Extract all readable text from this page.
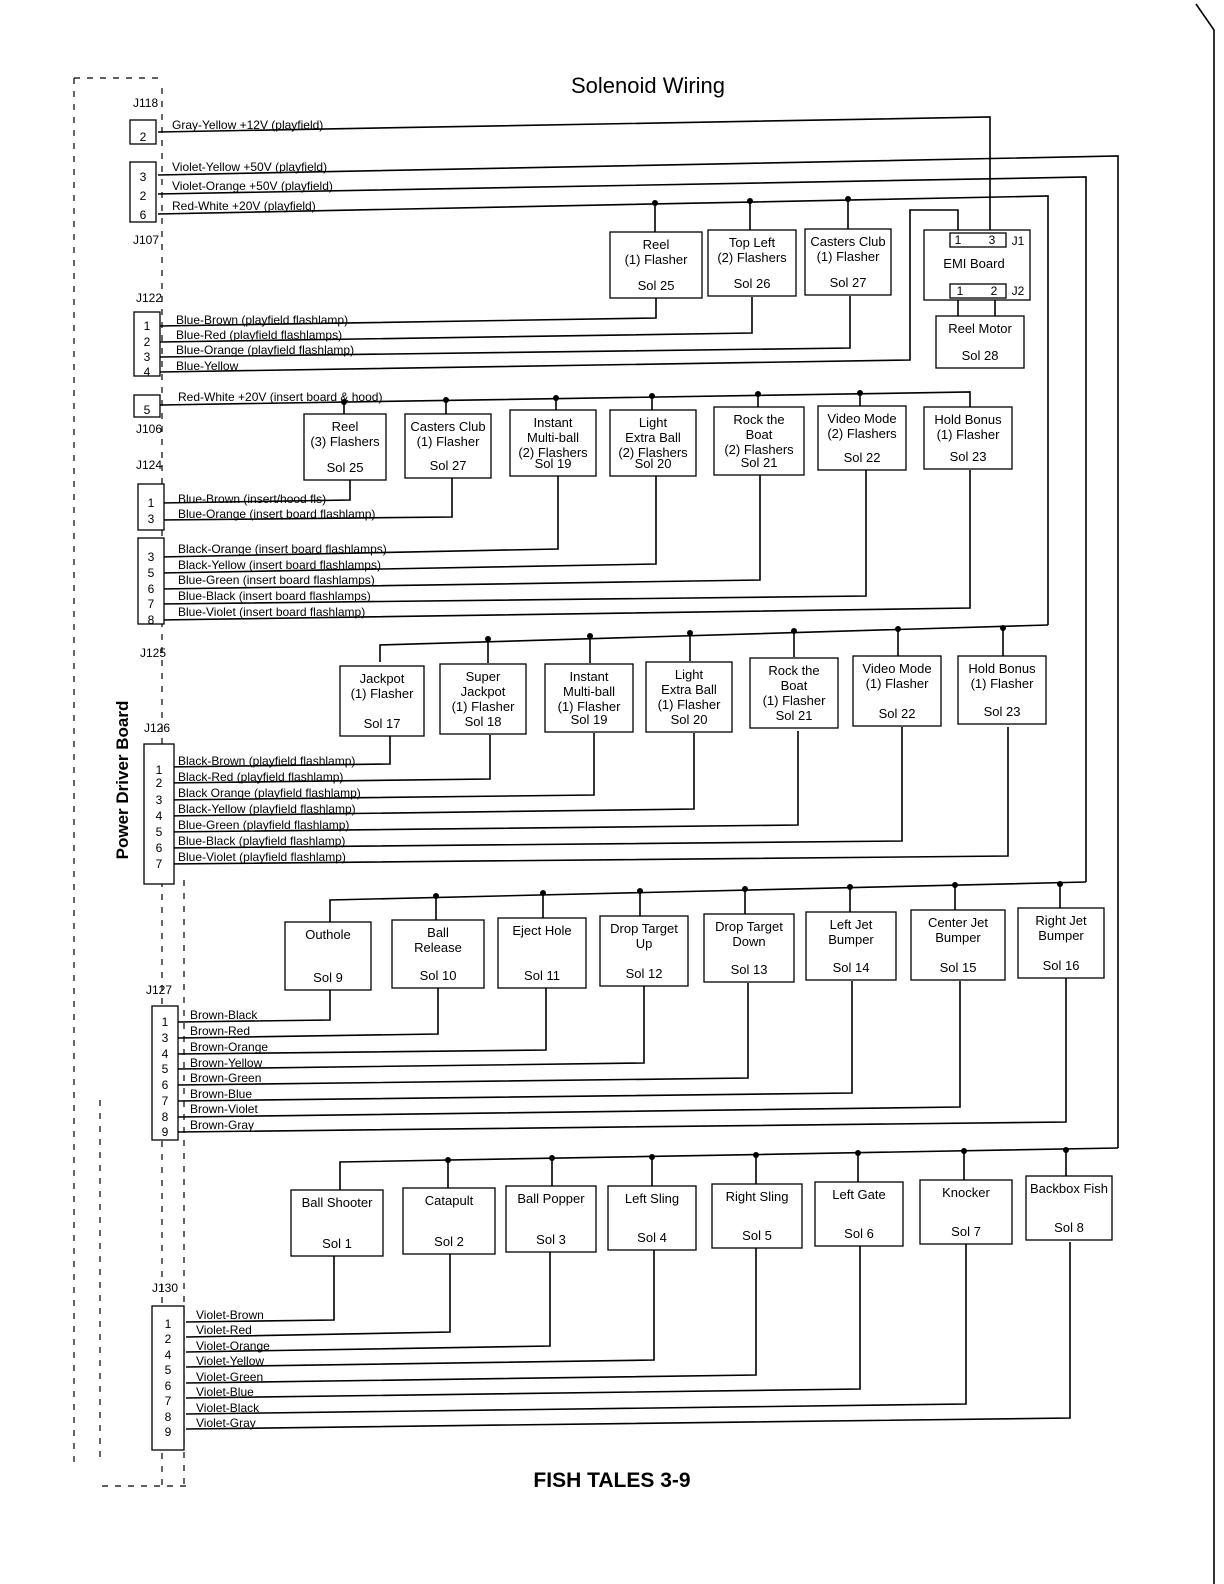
Solenoid Wiring
Power Driver Board
Reel
(1) Flasher
Sol 25
Top Left
(2) Flashers
Sol 26
Casters Club
(1) Flasher
Sol 27
Reel
(3) Flashers
Sol 25
Casters Club
(1) Flasher
Sol 27
Instant
Multi-ball
(2) Flashers
Sol 19
Light
Extra Ball
(2) Flashers
Sol 20
Rock the
Boat
(2) Flashers
Sol 21
Video Mode
(2) Flashers
Sol 22
Hold Bonus
(1) Flasher
Sol 23
Jackpot
(1) Flasher
Sol 17
Super
Jackpot
(1) Flasher
Sol 18
Instant
Multi-ball
(1) Flasher
Sol 19
Light
Extra Ball
(1) Flasher
Sol 20
Rock the
Boat
(1) Flasher
Sol 21
Video Mode
(1) Flasher
Sol 22
Hold Bonus
(1) Flasher
Sol 23
Outhole
Sol 9
Ball
Release
Sol 10
Eject Hole
Sol 11
Drop Target
Up
Sol 12
Drop Target
Down
Sol 13
Left Jet
Bumper
Sol 14
Center Jet
Bumper
Sol 15
Right Jet
Bumper
Sol 16
Ball Shooter
Sol 1
Catapult
Sol 2
Ball Popper
Sol 3
Left Sling
Sol 4
Right Sling
Sol 5
Left Gate
Sol 6
Knocker
Sol 7
Backbox Fish
Sol 8
Reel Motor
Sol 28
1 3 J1
EMI Board
1 2 J2
J118
2
Gray-Yellow +12V (playfield)
J107
3
2
6
Violet-Yellow +50V (playfield)
Violet-Orange +50V (playfield)
Red-White +20V (playfield)
J122
1
2
3
4
Blue-Brown (playfield flashlamp)
Blue-Red (playfield flashlamps)
Blue-Orange (playfield flashlamp)
Blue-Yellow
J106
5
Red-White +20V (insert board & hood)
J124
1
3
Blue-Brown (insert/hood fls)
Blue-Orange (insert board flashlamp)
J125
3
5
6
7
8
Black-Orange (insert board flashlamps)
Black-Yellow (insert board flashlamps)
Blue-Green (insert board flashlamps)
Blue-Black (insert board flashlamps)
Blue-Violet (insert board flashlamp)
J126
1
2
3
4
5
6
7
Black-Brown (playfield flashlamp)
Black-Red (playfield flashlamp)
Black Orange (playfield flashlamp)
Black-Yellow (playfield flashlamp)
Blue-Green (playfield flashlamp)
Blue-Black (playfield flashlamp)
Blue-Violet (playfield flashlamp)
J127
1
3
4
5
6
7
8
9
Brown-Black
Brown-Red
Brown-Orange
Brown-Yellow
Brown-Green
Brown-Blue
Brown-Violet
Brown-Gray
J130
1
2
4
5
6
7
8
9
Violet-Brown
Violet-Red
Violet-Orange
Violet-Yellow
Violet-Green
Violet-Blue
Violet-Black
Violet-Gray
FISH TALES 3-9
